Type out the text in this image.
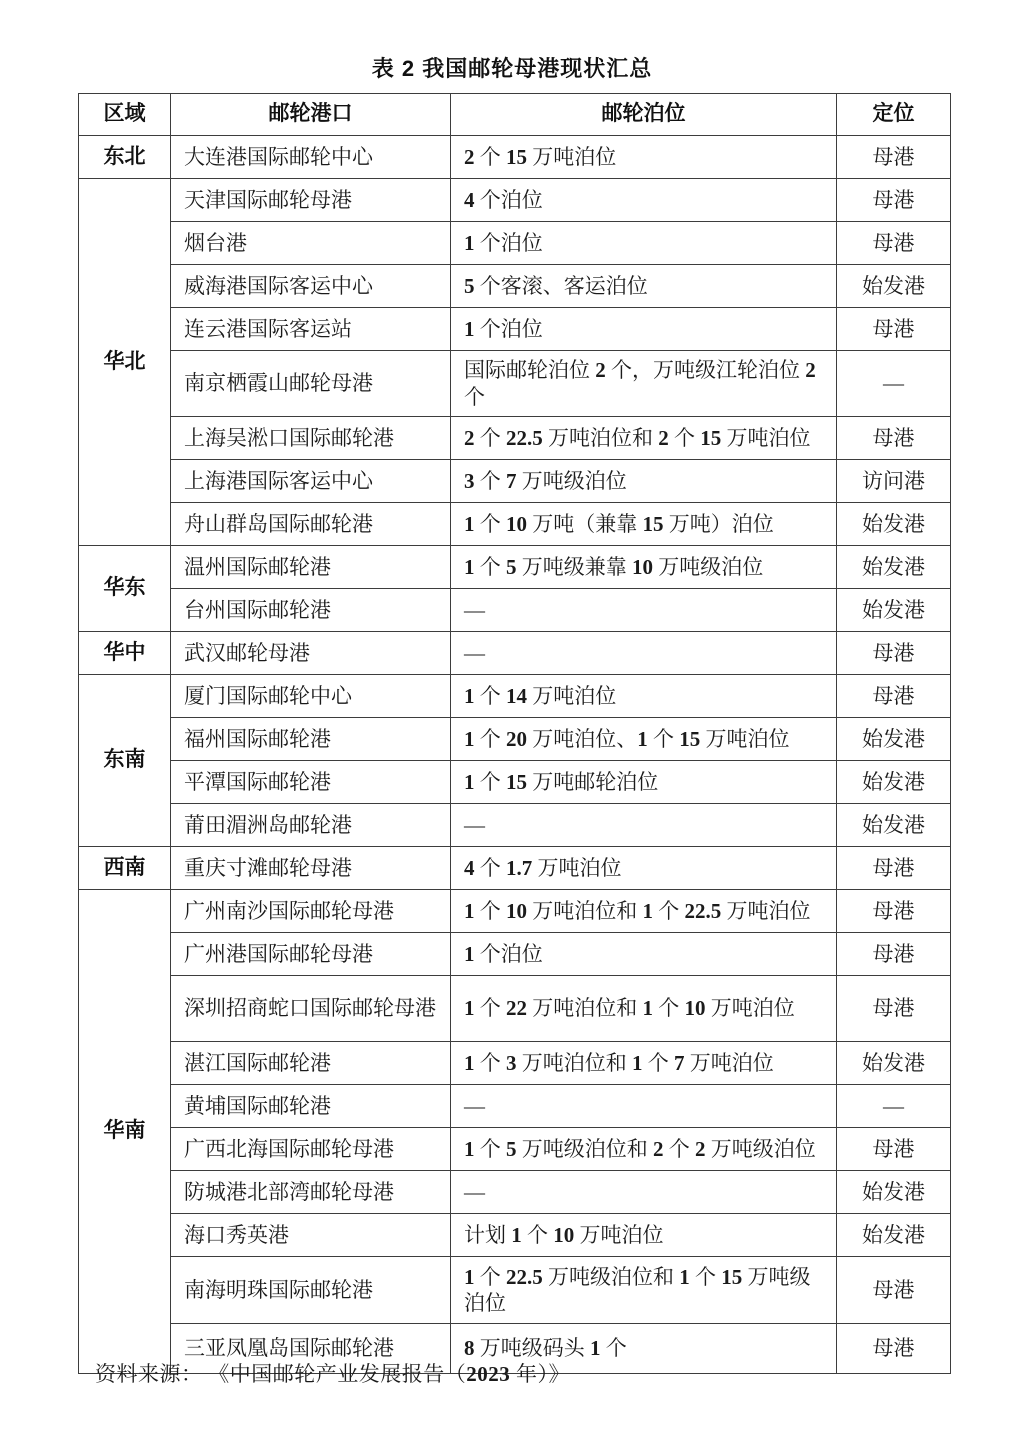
表 2 我国邮轮母港现状汇总
区域	邮轮港口	邮轮泊位	定位
东北	大连港国际邮轮中心	2 个 15 万吨泊位	母港
华北	天津国际邮轮母港	4 个泊位	母港
	烟台港	1 个泊位	母港
	威海港国际客运中心	5 个客滚、客运泊位	始发港
	连云港国际客运站	1 个泊位	母港
	南京栖霞山邮轮母港	国际邮轮泊位 2 个，万吨级江轮泊位 2 个	—
	上海吴淞口国际邮轮港	2 个 22.5 万吨泊位和 2 个 15 万吨泊位	母港
	上海港国际客运中心	3 个 7 万吨级泊位	访问港
	舟山群岛国际邮轮港	1 个 10 万吨（兼靠 15 万吨）泊位	始发港
华东	温州国际邮轮港	1 个 5 万吨级兼靠 10 万吨级泊位	始发港
	台州国际邮轮港	—	始发港
华中	武汉邮轮母港	—	母港
东南	厦门国际邮轮中心	1 个 14 万吨泊位	母港
	福州国际邮轮港	1 个 20 万吨泊位、1 个 15 万吨泊位	始发港
	平潭国际邮轮港	1 个 15 万吨邮轮泊位	始发港
	莆田湄洲岛邮轮港	—	始发港
西南	重庆寸滩邮轮母港	4 个 1.7 万吨泊位	母港
华南	广州南沙国际邮轮母港	1 个 10 万吨泊位和 1 个 22.5 万吨泊位	母港
	广州港国际邮轮母港	1 个泊位	母港
	深圳招商蛇口国际邮轮母港	1 个 22 万吨泊位和 1 个 10 万吨泊位	母港
	湛江国际邮轮港	1 个 3 万吨泊位和 1 个 7 万吨泊位	始发港
	黄埔国际邮轮港	—	—
	广西北海国际邮轮母港	1 个 5 万吨级泊位和 2 个 2 万吨级泊位	母港
	防城港北部湾邮轮母港	—	始发港
	海口秀英港	计划 1 个 10 万吨泊位	始发港
	南海明珠国际邮轮港	1 个 22.5 万吨级泊位和 1 个 15 万吨级泊位	母港
	三亚凤凰岛国际邮轮港	8 万吨级码头 1 个	母港
资料来源： 《中国邮轮产业发展报告（2023 年）》
